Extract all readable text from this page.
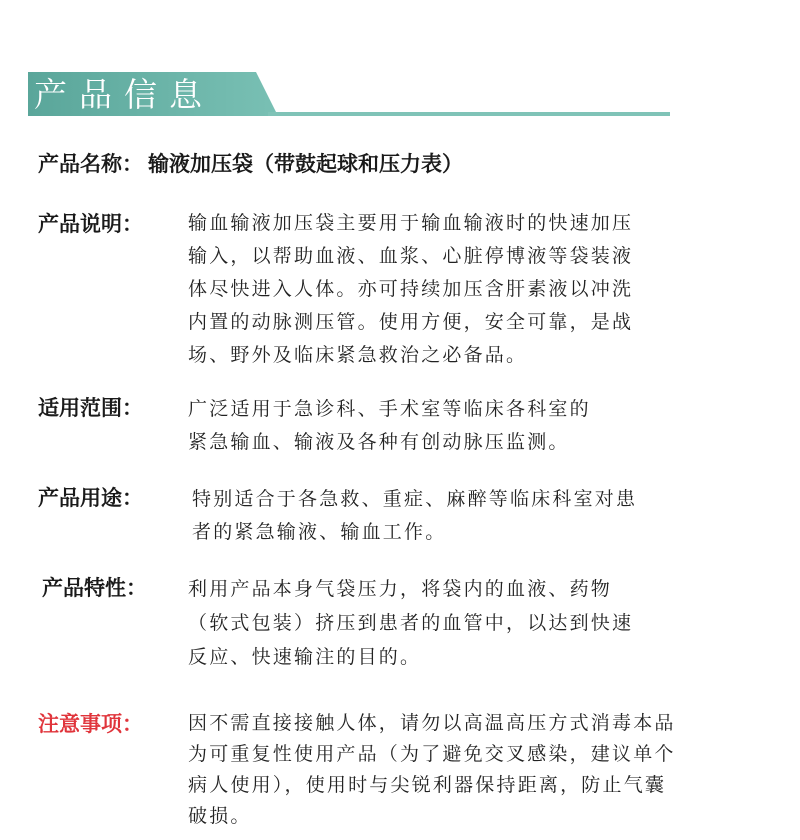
产品信息
产品名称： 输液加压袋（带鼓起球和压力表）
产品说明： 输血输液加压袋主要用于输血输液时的快速加压
输入，以帮助血液、血浆、心脏停博液等袋装液
体尽快进入人体。亦可持续加压含肝素液以冲洗
内置的动脉测压管。使用方便，安全可靠，是战
场、野外及临床紧急救治之必备品。
适用范围： 广泛适用于急诊科、手术室等临床各科室的
紧急输血、输液及各种有创动脉压监测。
产品用途：	特别适合于各急救、重症、麻醉等临床科室对患
者的紧急输液、输血工作。
产品特性： 利用产品本身气袋压力，将袋内的血液、药物
（软式包装）挤压到患者的血管中，以达到快速
反应、快速输注的目的。
注意事项： 因不需直接接触人体，请勿以高温高压方式消毒本品
为可重复性使用产品（为了避免交叉感染，建议单个
病人使用），使用时与尖锐利器保持距离，防止气囊
破损。
